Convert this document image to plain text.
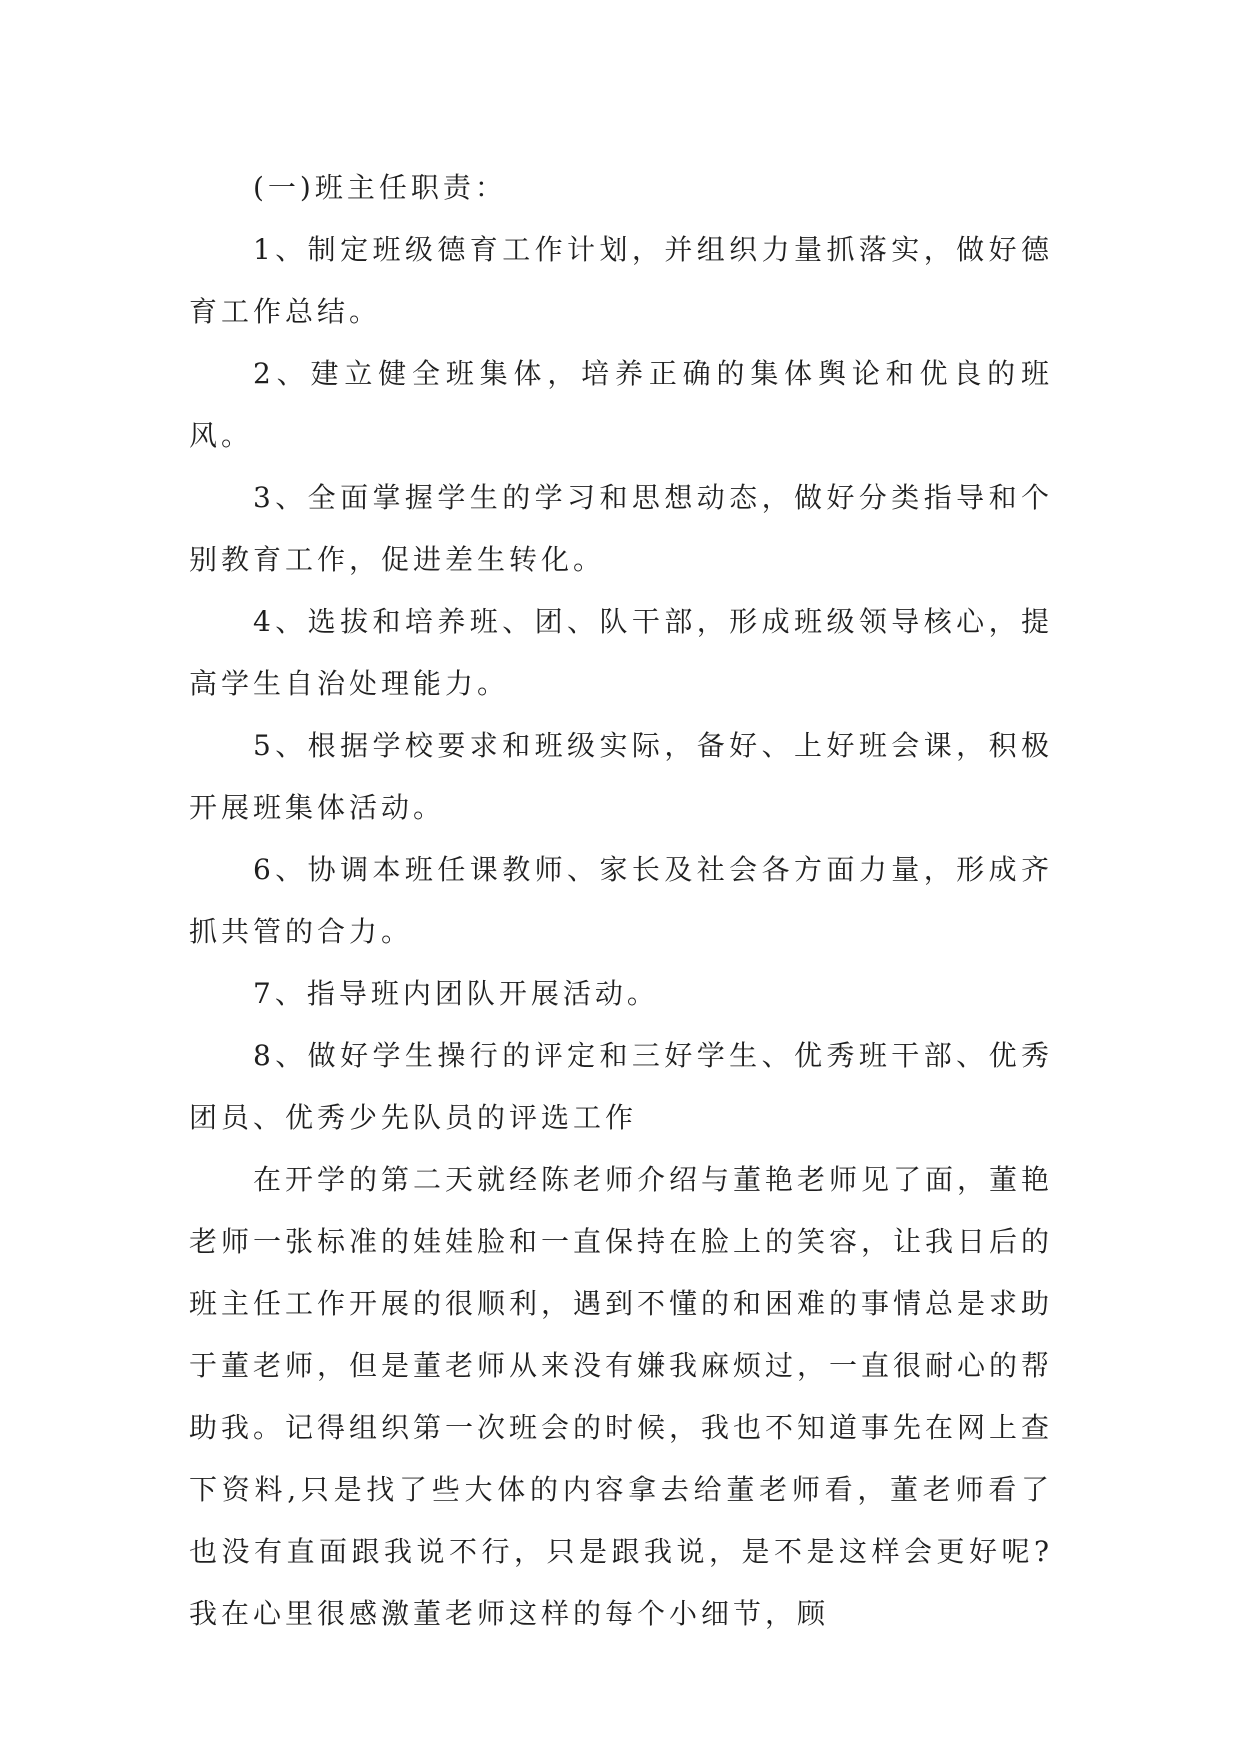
(一)班主任职责：

1、制定班级德育工作计划，并组织力量抓落实，做好德育工作总结。

2、建立健全班集体，培养正确的集体舆论和优良的班风。

3、全面掌握学生的学习和思想动态，做好分类指导和个别教育工作，促进差生转化。

4、选拔和培养班、团、队干部，形成班级领导核心，提高学生自治处理能力。

5、根据学校要求和班级实际，备好、上好班会课，积极开展班集体活动。

6、协调本班任课教师、家长及社会各方面力量，形成齐抓共管的合力。

7、指导班内团队开展活动。

8、做好学生操行的评定和三好学生、优秀班干部、优秀团员、优秀少先队员的评选工作

在开学的第二天就经陈老师介绍与董艳老师见了面，董艳老师一张标准的娃娃脸和一直保持在脸上的笑容，让我日后的班主任工作开展的很顺利，遇到不懂的和困难的事情总是求助于董老师，但是董老师从来没有嫌我麻烦过，一直很耐心的帮助我。记得组织第一次班会的时候，我也不知道事先在网上查下资料,只是找了些大体的内容拿去给董老师看，董老师看了也没有直面跟我说不行，只是跟我说，是不是这样会更好呢?我在心里很感激董老师这样的每个小细节，顾
